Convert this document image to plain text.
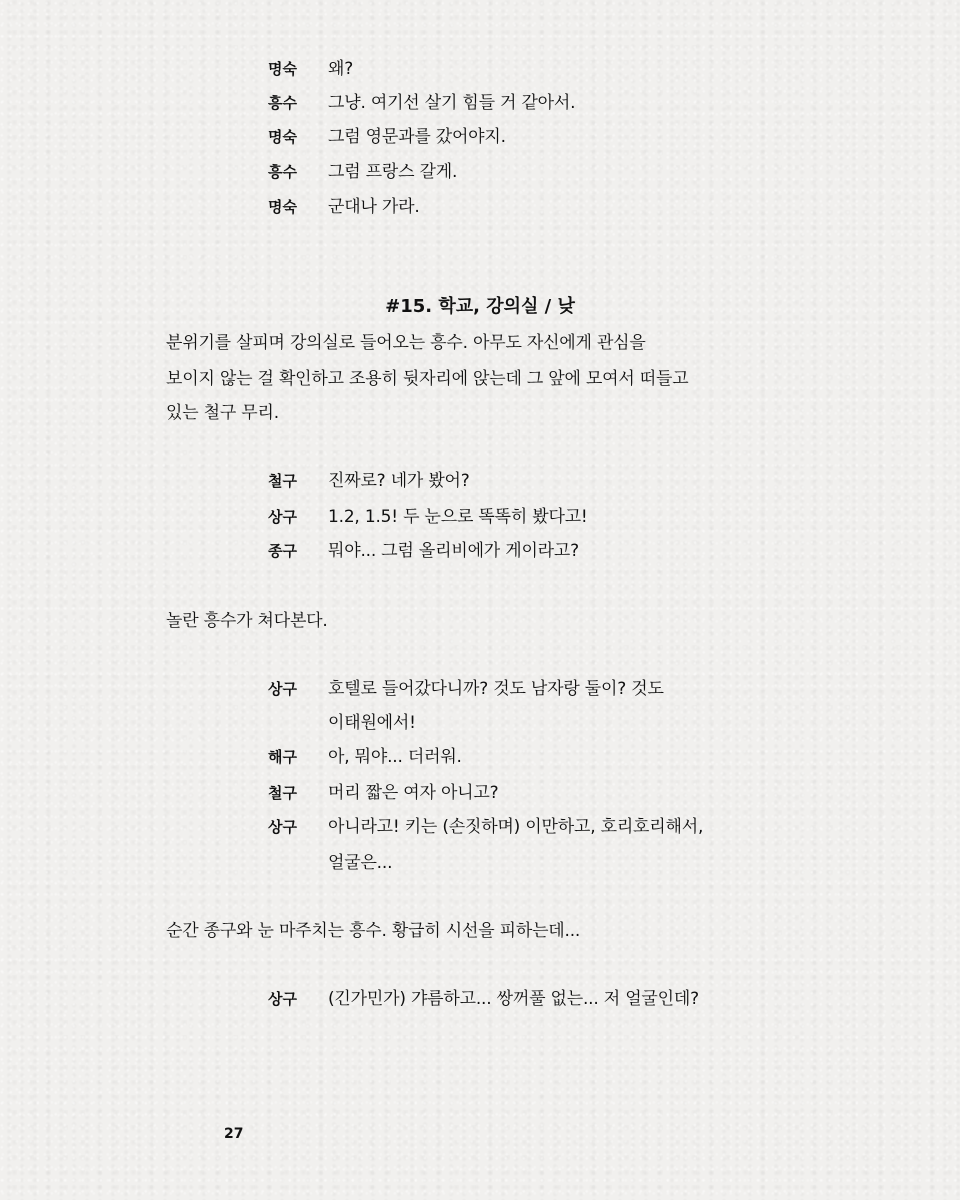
명숙 왜?
흥수 그냥. 여기선 살기 힘들 거 같아서.
명숙 그럼 영문과를 갔어야지.
흥수 그럼 프랑스 갈게.
명숙 군대나 가라.
#15. 학교, 강의실 / 낮
분위기를 살피며 강의실로 들어오는 흥수. 아무도 자신에게 관심을
보이지 않는 걸 확인하고 조용히 뒷자리에 앉는데 그 앞에 모여서 떠들고
있는 철구 무리.
철구 진짜로? 네가 봤어?
상구 1.2, 1.5! 두 눈으로 똑똑히 봤다고!
종구 뭐야... 그럼 올리비에가 게이라고?
놀란 흥수가 쳐다본다.
상구 호텔로 들어갔다니까? 것도 남자랑 둘이? 것도
이태원에서!
해구 아, 뭐야... 더러워.
철구 머리 짧은 여자 아니고?
상구 아니라고! 키는 (손짓하며) 이만하고, 호리호리해서,
얼굴은...
순간 종구와 눈 마주치는 흥수. 황급히 시선을 피하는데...
상구 (긴가민가) 갸름하고... 쌍꺼풀 없는... 저 얼굴인데?
27
